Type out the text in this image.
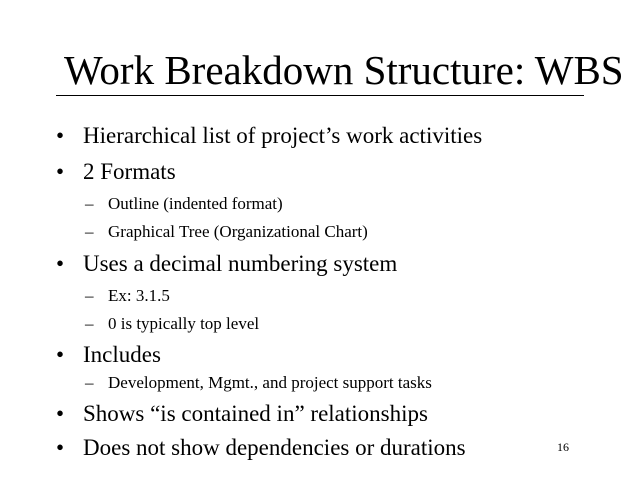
Work Breakdown Structure: WBS
• Hierarchical list of project’s work activities
• 2 Formats
– Outline (indented format)
– Graphical Tree (Organizational Chart)
• Uses a decimal numbering system
– Ex: 3.1.5
– 0 is typically top level
• Includes
– Development, Mgmt., and project support tasks
• Shows “is contained in” relationships
• Does not show dependencies or durations	16
